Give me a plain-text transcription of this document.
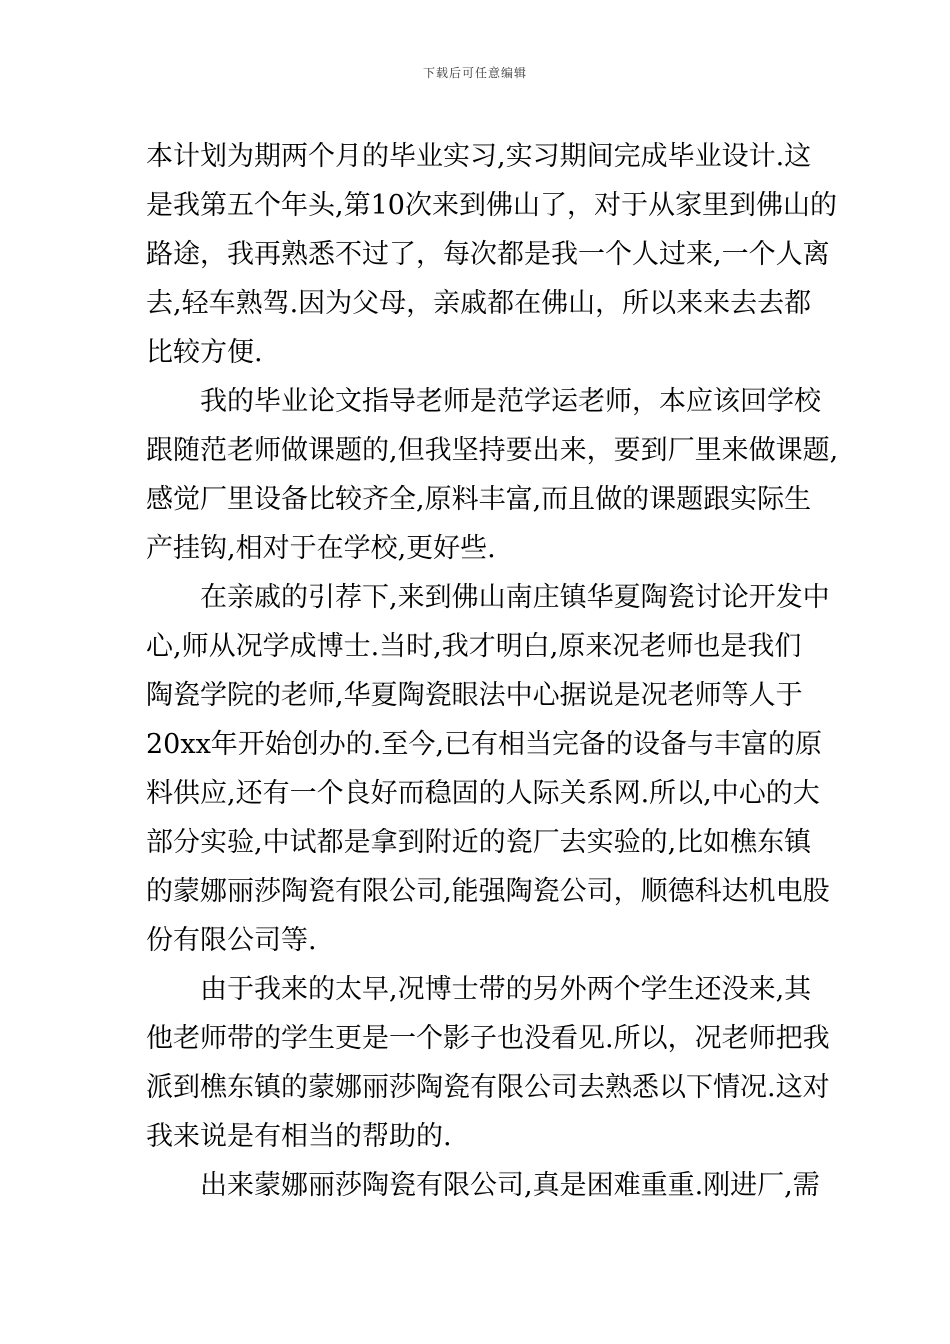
下载后可任意编辑

本计划为期两个月的毕业实习,实习期间完成毕业设计.这
是我第五个年头,第10次来到佛山了，对于从家里到佛山的
路途，我再熟悉不过了，每次都是我一个人过来,一个人离
去,轻车熟驾.因为父母，亲戚都在佛山，所以来来去去都
比较方便.

我的毕业论文指导老师是范学运老师，本应该回学校
跟随范老师做课题的,但我坚持要出来，要到厂里来做课题,
感觉厂里设备比较齐全,原料丰富,而且做的课题跟实际生
产挂钩,相对于在学校,更好些.

在亲戚的引荐下,来到佛山南庄镇华夏陶瓷讨论开发中
心,师从况学成博士.当时,我才明白,原来况老师也是我们
陶瓷学院的老师,华夏陶瓷眼法中心据说是况老师等人于
20xx年开始创办的.至今,已有相当完备的设备与丰富的原
料供应,还有一个良好而稳固的人际关系网.所以,中心的大
部分实验,中试都是拿到附近的瓷厂去实验的,比如樵东镇
的蒙娜丽莎陶瓷有限公司,能强陶瓷公司，顺德科达机电股
份有限公司等.

由于我来的太早,况博士带的另外两个学生还没来,其
他老师带的学生更是一个影子也没看见.所以，况老师把我
派到樵东镇的蒙娜丽莎陶瓷有限公司去熟悉以下情况.这对
我来说是有相当的帮助的.

出来蒙娜丽莎陶瓷有限公司,真是困难重重.刚进厂,需
